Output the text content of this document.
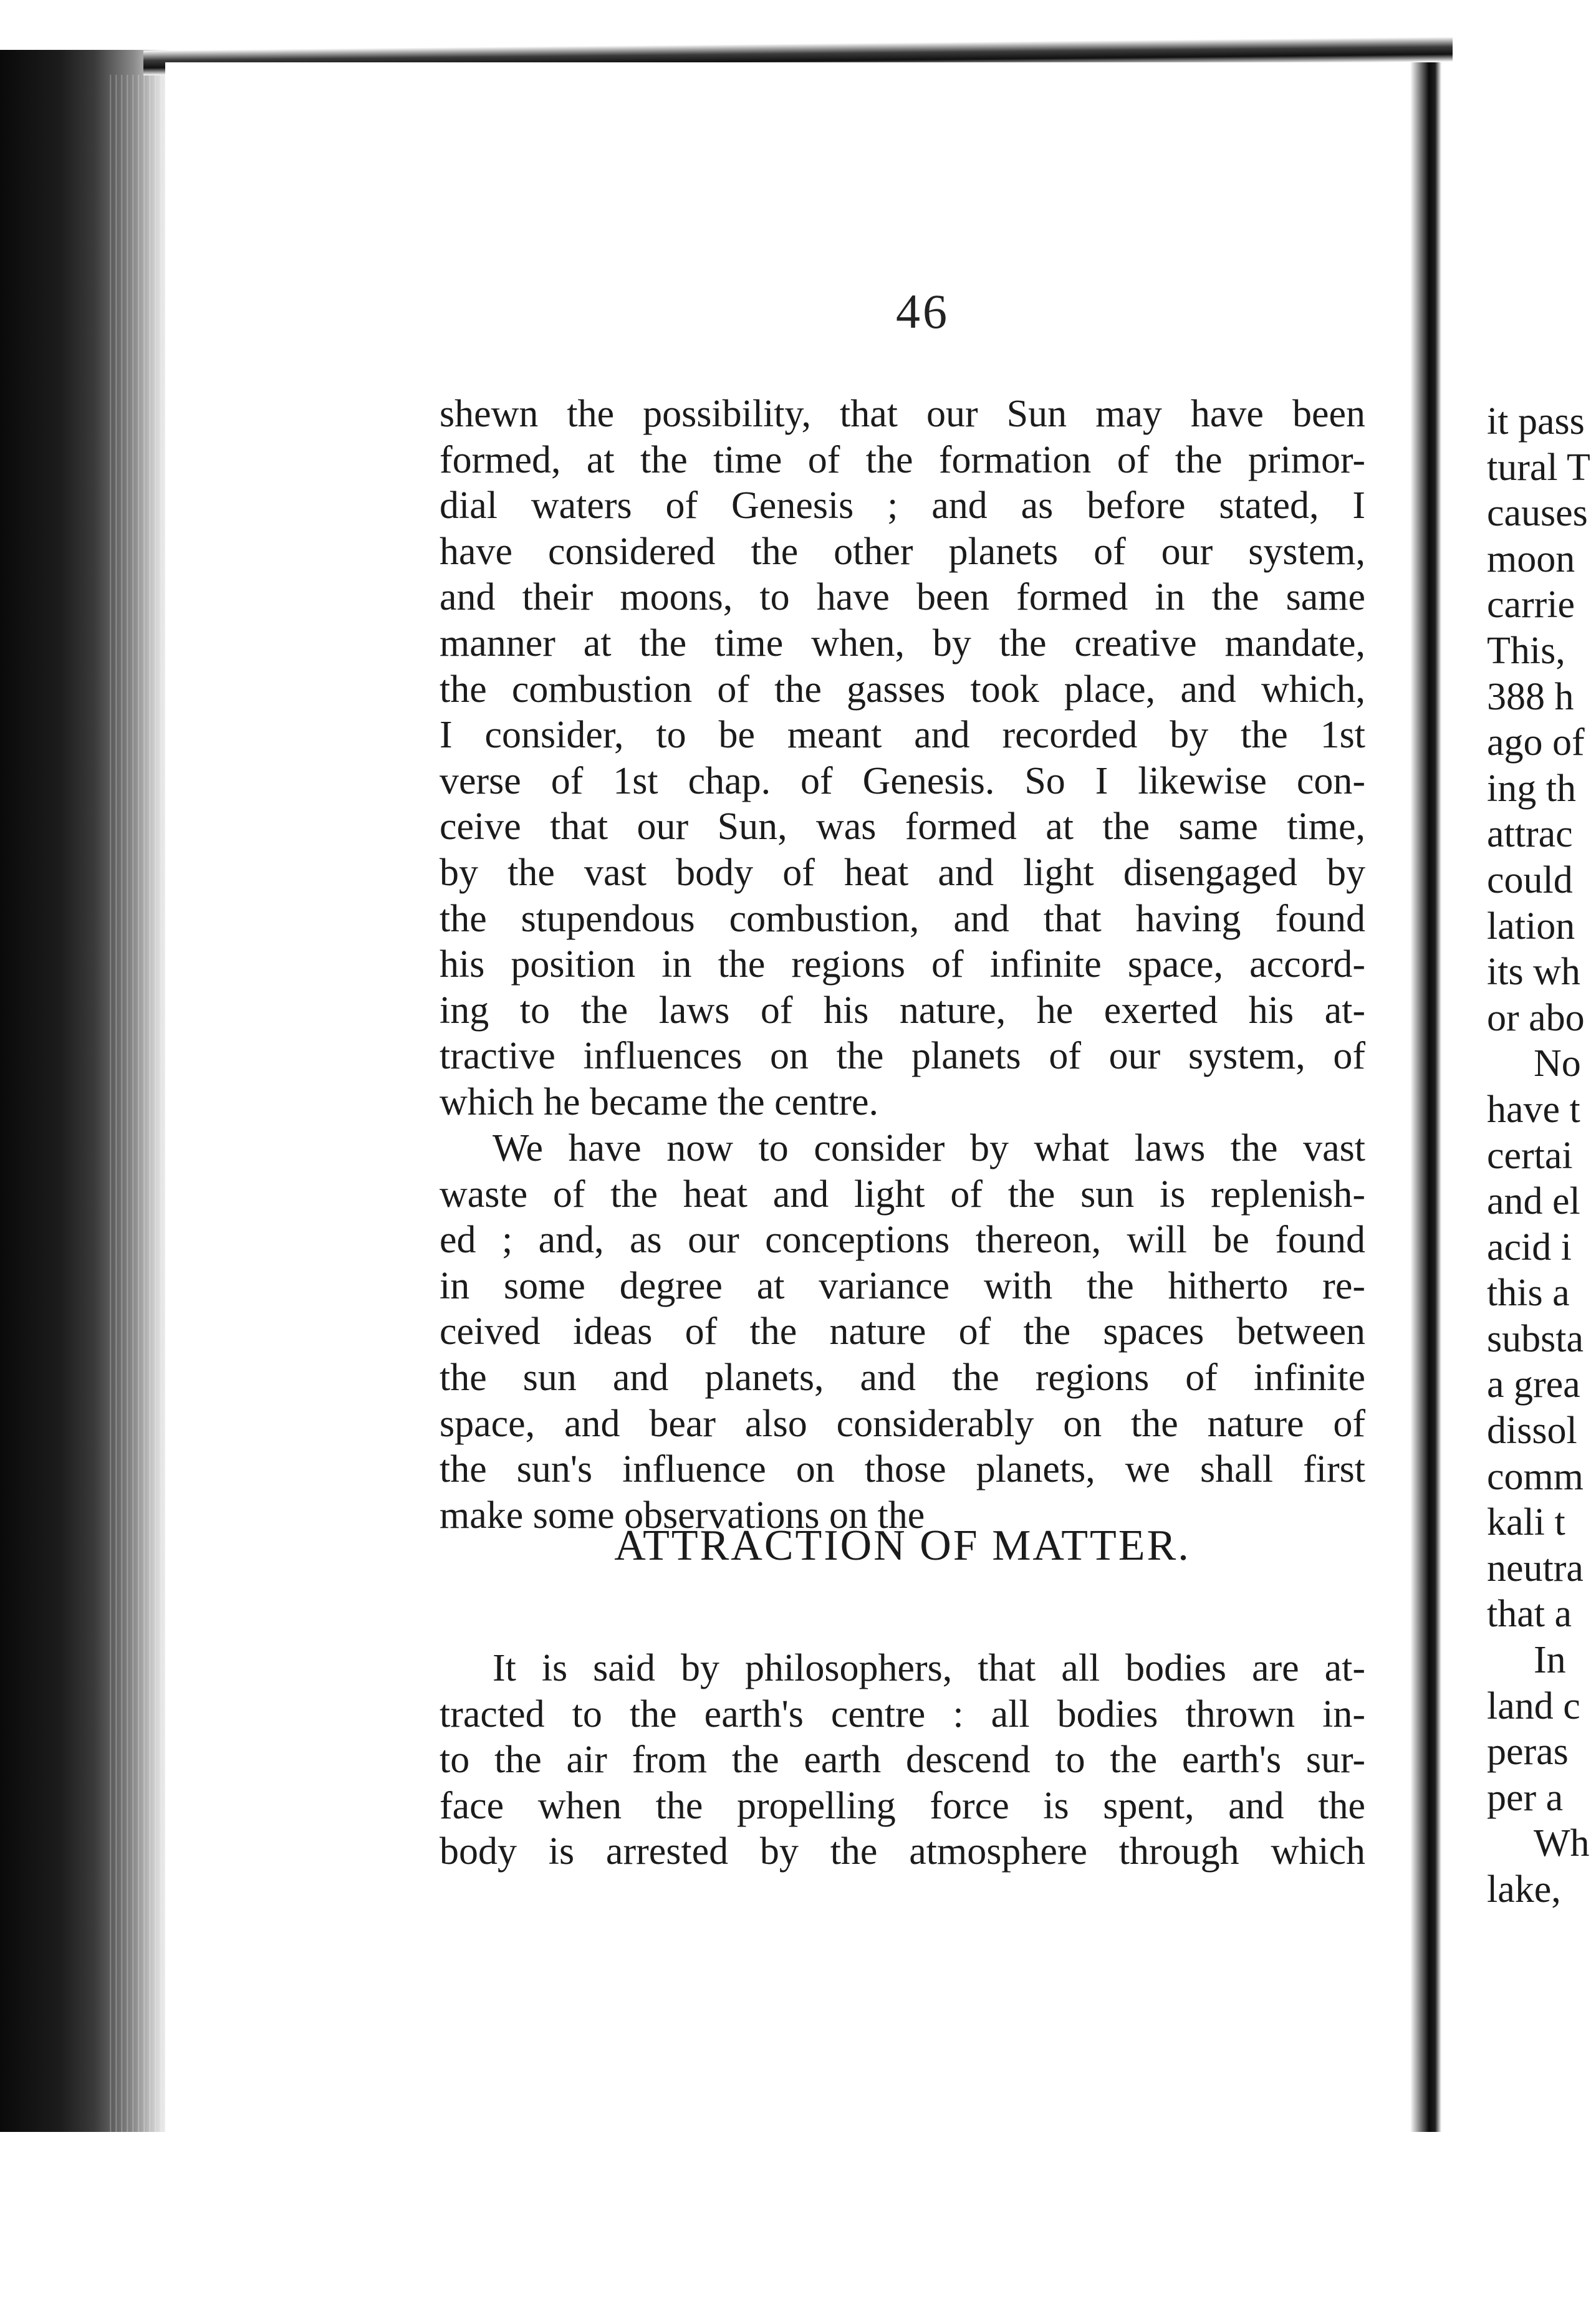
46
shewn the possibility, that our Sun may have been
formed, at the time of the formation of the primor-
dial waters of Genesis ; and as before stated, I
have considered the other planets of our system,
and their moons, to have been formed in the same
manner at the time when, by the creative mandate,
the combustion of the gasses took place, and which,
I consider, to be meant and recorded by the 1st
verse of 1st chap. of Genesis. So I likewise con-
ceive that our Sun, was formed at the same time,
by the vast body of heat and light disengaged by
the stupendous combustion, and that having found
his position in the regions of infinite space, accord-
ing to the laws of his nature, he exerted his at-
tractive influences on the planets of our system, of
which he became the centre.
We have now to consider by what laws the vast
waste of the heat and light of the sun is replenish-
ed ; and, as our conceptions thereon, will be found
in some degree at variance with the hitherto re-
ceived ideas of the nature of the spaces between
the sun and planets, and the regions of infinite
space, and bear also considerably on the nature of
the sun's influence on those planets, we shall first
make some observations on the
ATTRACTION OF MATTER.
It is said by philosophers, that all bodies are at-
tracted to the earth's centre : all bodies thrown in-
to the air from the earth descend to the earth's sur-
face when the propelling force is spent, and the
body is arrested by the atmosphere through which
it pass
tural T
causes
moon
carrie
This,
388 h
ago of
ing th
attrac
could
lation
its wh
or abo
No
have t
certai
and el
acid i
this a
substa
a grea
dissol
comm
kali t
neutra
that a
In
land c
peras
per a
Wh
lake,
